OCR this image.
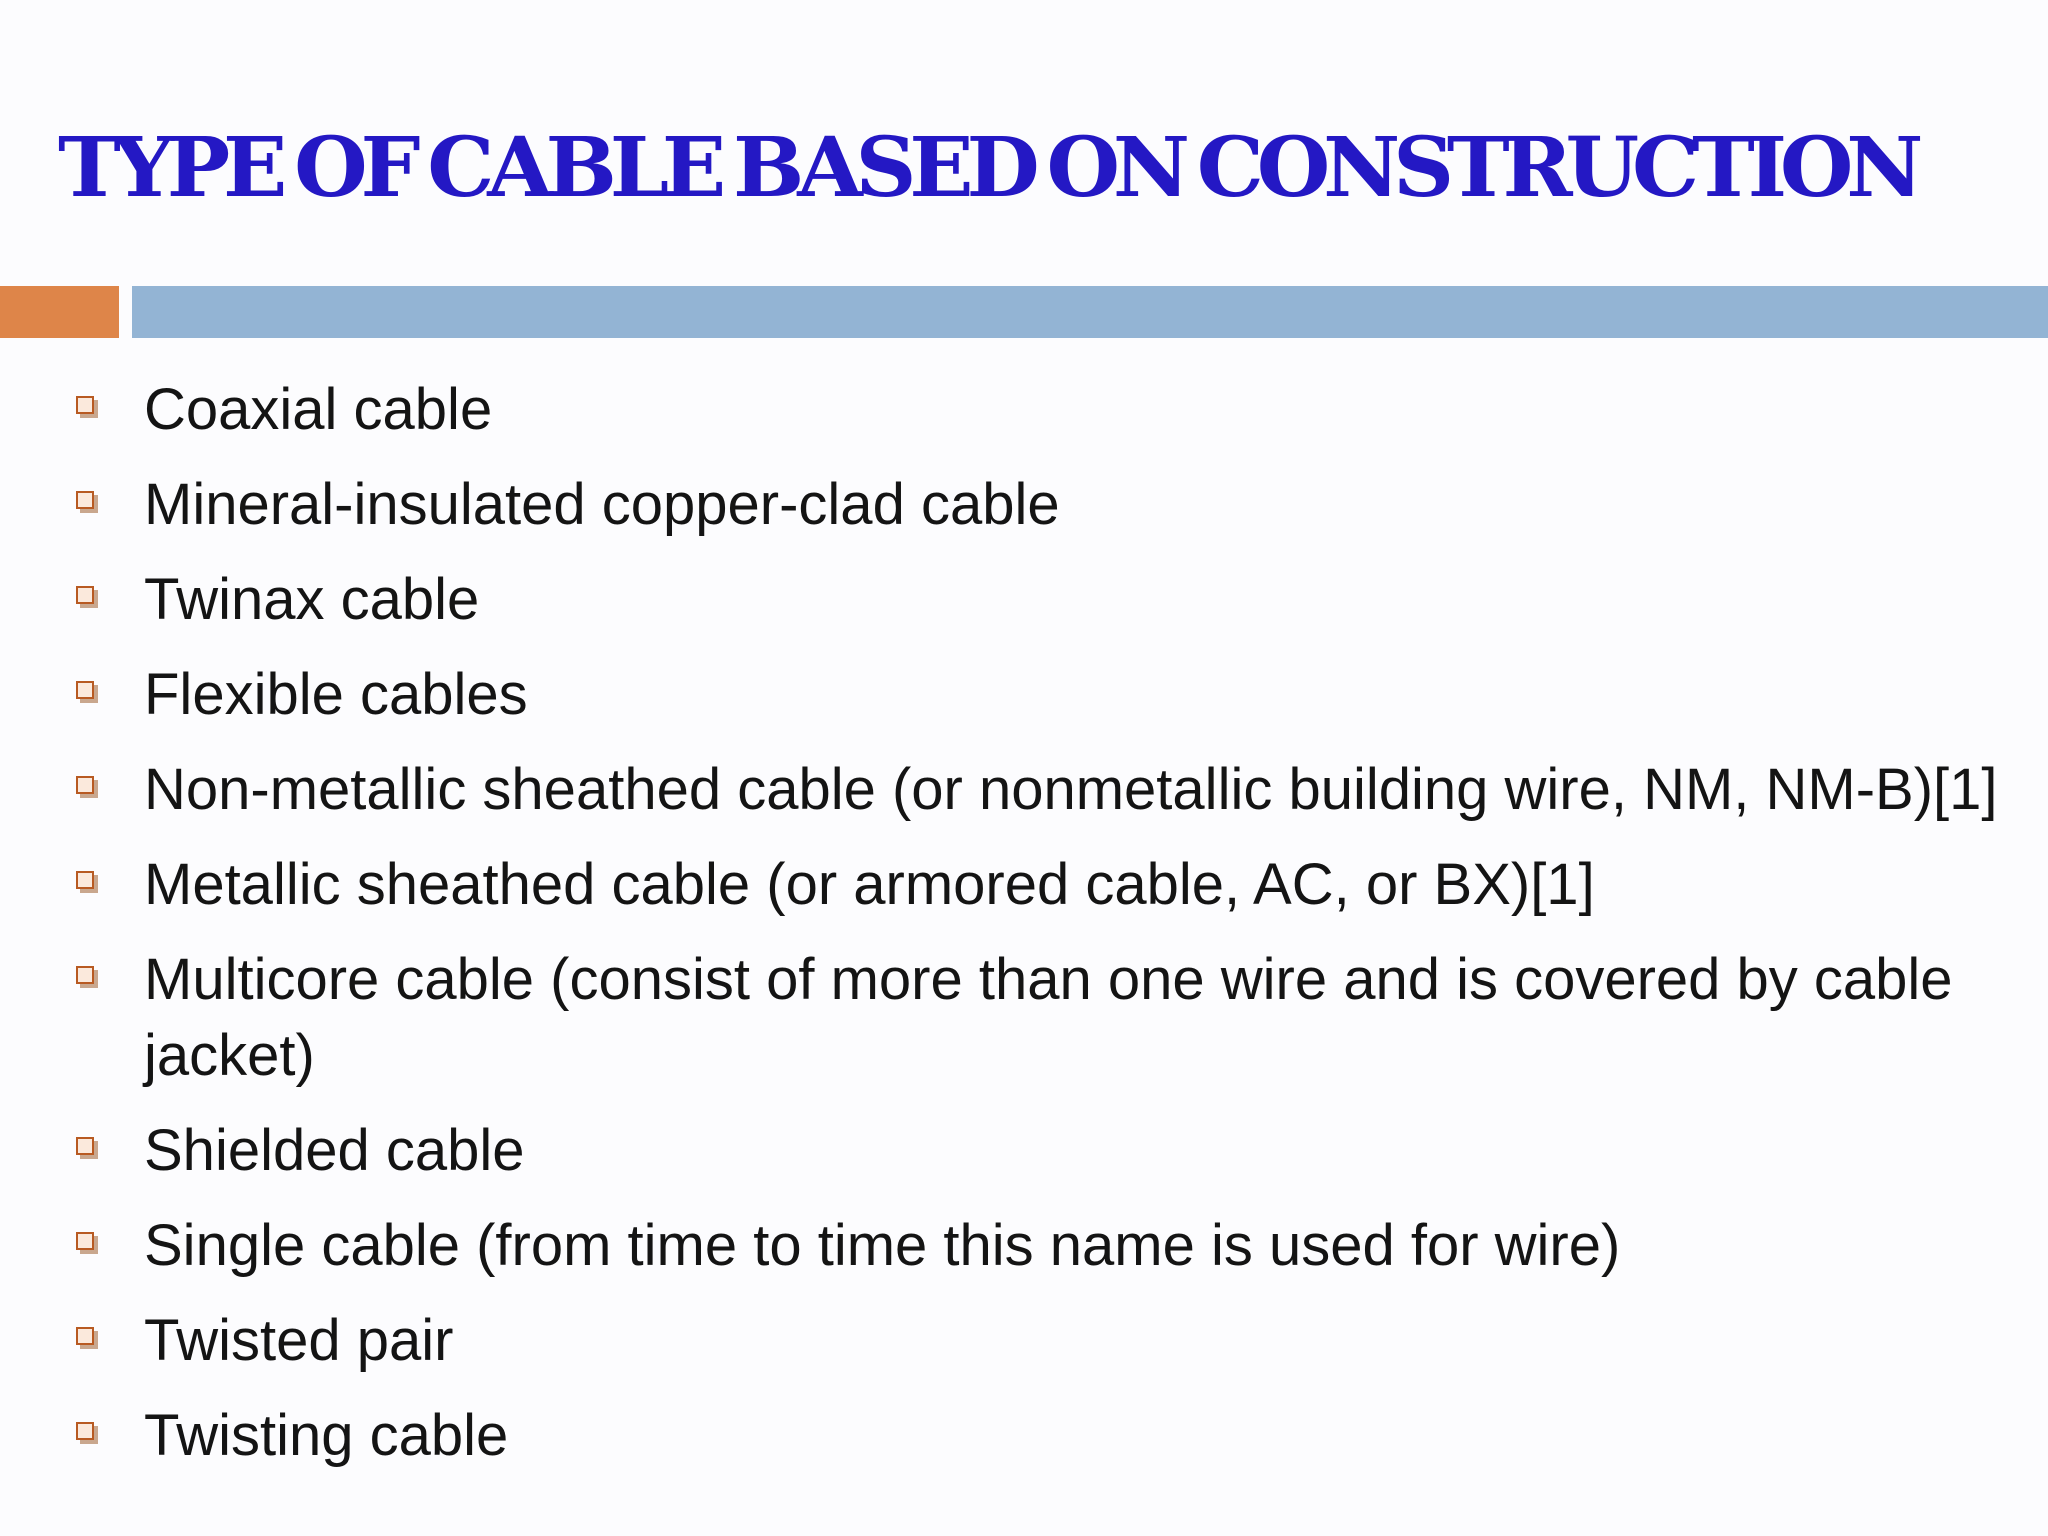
TYPE OF CABLE BASED ON CONSTRUCTION
Coaxial cable
Mineral-insulated copper-clad cable
Twinax cable
Flexible cables
Non-metallic sheathed cable (or nonmetallic building wire, NM, NM-B)[1]
Metallic sheathed cable (or armored cable, AC, or BX)[1]
Multicore cable (consist of more than one wire and is covered by cable jacket)
Shielded cable
Single cable (from time to time this name is used for wire)
Twisted pair
Twisting cable
